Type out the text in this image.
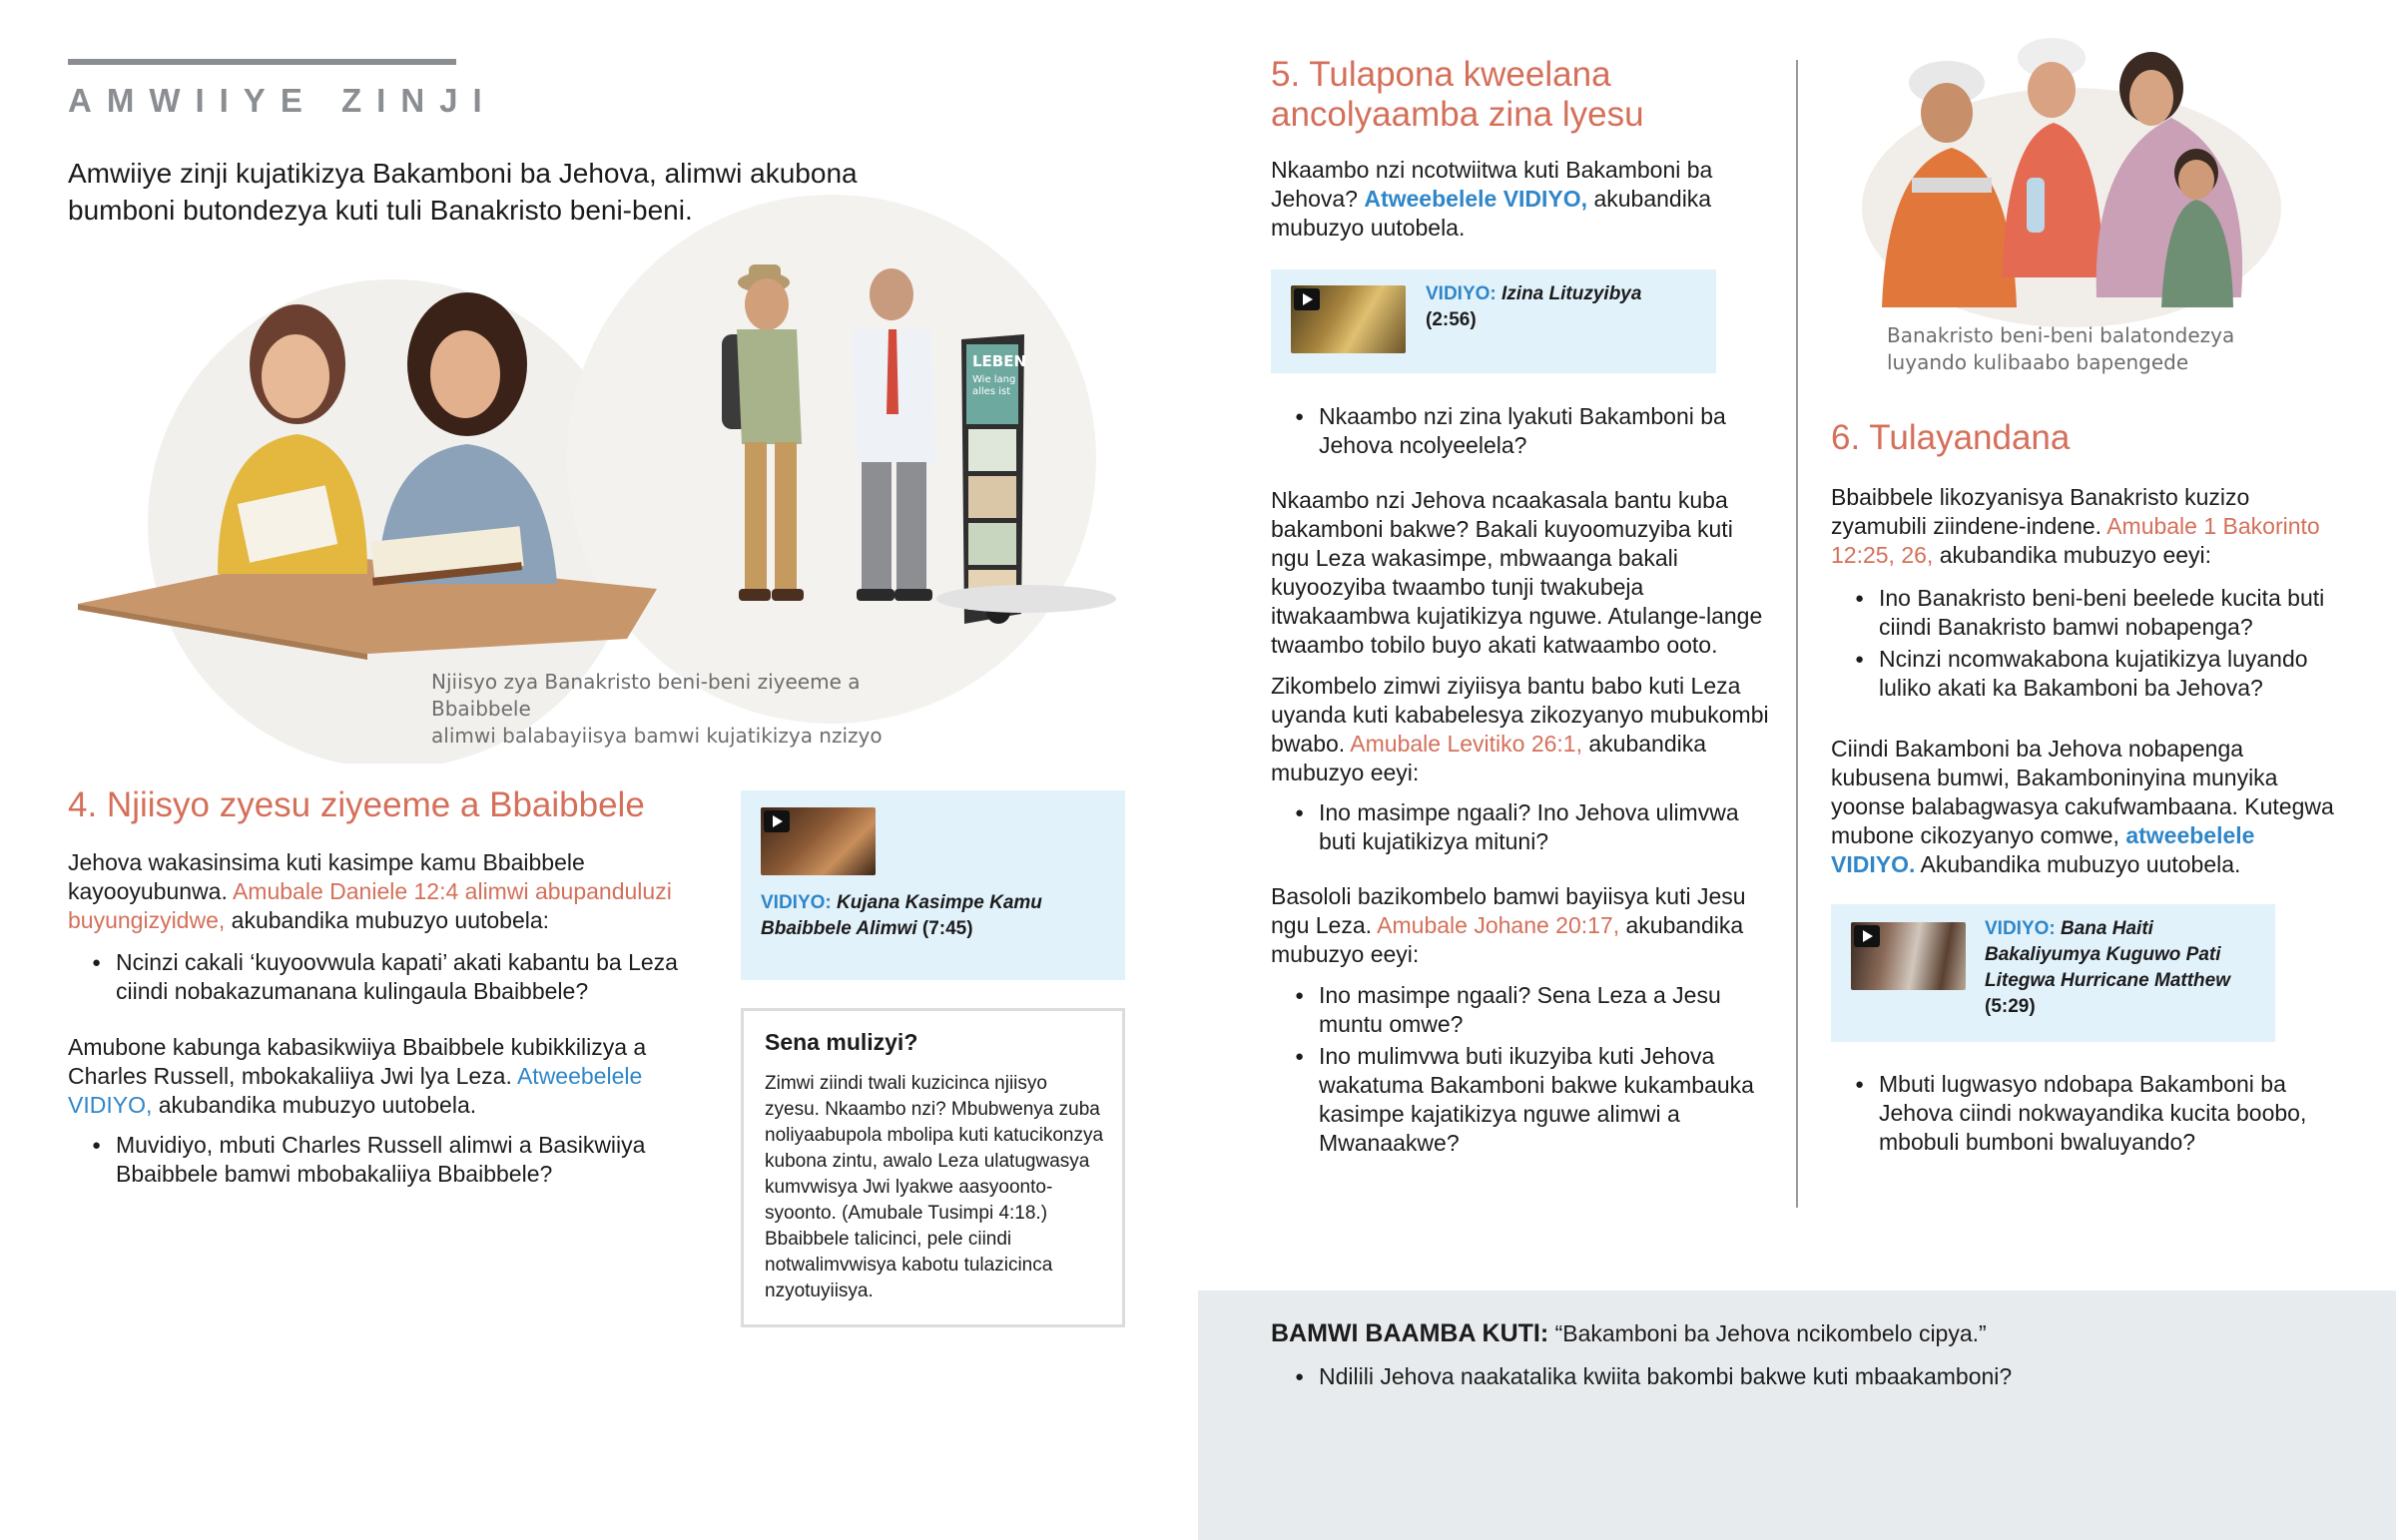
AMWIIYE ZINJI
Amwiiye zinji kujatikizya Bakamboni ba Jehova, alimwi akubona bumboni butondezya kuti tuli Banakristo beni-beni.
LEBEN
Wie lang
alles ist
Njiisyo zya Banakristo beni-beni ziyeeme a Bbaibbele
alimwi balabayiisya bamwi kujatikizya nzizyo
4. Njiisyo zyesu ziyeeme a Bbaibbele
Jehova wakasinsima kuti kasimpe kamu Bbaibbele kayooyubunwa. Amubale Daniele 12:4 alimwi abupanduluzi buyungizyidwe, akubandika mubuzyo uutobela:
● Ncinzi cakali ‘kuyoovwula kapati’ akati kabantu ba Leza ciindi nobakazumanana kulingaula Bbaibbele?
Amubone kabunga kabasikwiiya Bbaibbele kubikkilizya a Charles Russell, mbokakaliiya Jwi lya Leza. Atweebelele VIDIYO, akubandika mubuzyo uutobela.
● Muvidiyo, mbuti Charles Russell alimwi a Basikwiiya Bbaibbele bamwi mbobakaliiya Bbaibbele?
VIDIYO: Kujana Kasimpe Kamu Bbaibbele Alimwi (7:45)
Sena mulizyi?
Zimwi ziindi twali kuzicinca njiisyo zyesu. Nkaambo nzi? Mbubwenya zuba noliyaabupola mbolipa kuti katucikonzya kubona zintu, awalo Leza ulatugwasya kumvwisya Jwi lyakwe aasyoonto-syoonto. (Amubale Tusimpi 4:18.) Bbaibbele talicinci, pele ciindi notwalimvwisya kabotu tulazicinca nzyotuyiisya.
5. Tulapona kweelana
ancolyaamba zina lyesu
Nkaambo nzi ncotwiitwa kuti Bakamboni ba Jehova? Atweebelele VIDIYO, akubandika mubuzyo uutobela.
VIDIYO: Izina Lituzyibya
(2:56)
● Nkaambo nzi zina lyakuti Bakamboni ba Jehova ncolyeelela?
Nkaambo nzi Jehova ncaakasala bantu kuba bakamboni bakwe? Bakali kuyoomuzyiba kuti ngu Leza wakasimpe, mbwaanga bakali kuyoozyiba twaambo tunji twakubeja itwakaambwa kujatikizya nguwe. Atulange-lange twaambo tobilo buyo akati katwaambo ooto.
Zikombelo zimwi ziyiisya bantu babo kuti Leza uyanda kuti kababelesya zikozyanyo mubukombi bwabo. Amubale Levitiko 26:1, akubandika mubuzyo eeyi:
● Ino masimpe ngaali? Ino Jehova ulimvwa buti kujatikizya mituni?
Basololi bazikombelo bamwi bayiisya kuti Jesu ngu Leza. Amubale Johane 20:17, akubandika mubuzyo eeyi:
● Ino masimpe ngaali? Sena Leza a Jesu muntu omwe?
● Ino mulimvwa buti ikuzyiba kuti Jehova wakatuma Bakamboni bakwe kukambauka kasimpe kajatikizya nguwe alimwi a Mwanaakwe?
Banakristo beni-beni balatondezya
luyando kulibaabo bapengede
6. Tulayandana
Bbaibbele likozyanisya Banakristo kuzizo zyamubili ziindene-indene. Amubale 1 Bakorinto 12:25, 26, akubandika mubuzyo eeyi:
● Ino Banakristo beni-beni beelede kucita buti ciindi Banakristo bamwi nobapenga?
● Ncinzi ncomwakabona kujatikizya luyando luliko akati ka Bakamboni ba Jehova?
Ciindi Bakamboni ba Jehova nobapenga kubusena bumwi, Bakamboninyina munyika yoonse balabagwasya cakufwambaana. Kutegwa mubone cikozyanyo comwe, atweebelele VIDIYO. Akubandika mubuzyo uutobela.
VIDIYO: Bana Haiti Bakaliyumya Kuguwo Pati Litegwa Hurricane Matthew
(5:29)
● Mbuti lugwasyo ndobapa Bakamboni ba Jehova ciindi nokwayandika kucita boobo, mbobuli bumboni bwaluyando?
BAMWI BAAMBA KUTI: “Bakamboni ba Jehova ncikombelo cipya.”
● Ndilili Jehova naakatalika kwiita bakombi bakwe kuti mbaakamboni?
